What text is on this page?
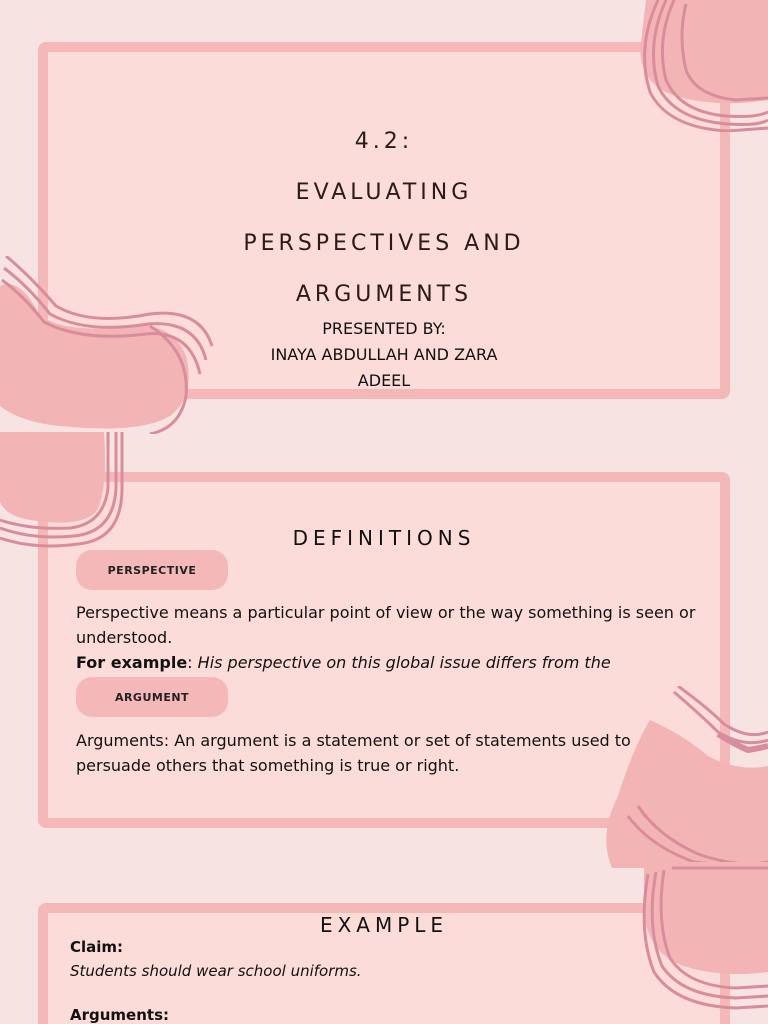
4.2:
EVALUATING
PERSPECTIVES AND
ARGUMENTS
PRESENTED BY:
INAYA ABDULLAH AND ZARA
ADEEL
DEFINITIONS
PERSPECTIVE
Perspective means a particular point of view or the way something is seen or understood.
For example: His perspective on this global issue differs from the
ARGUMENT
Arguments: An argument is a statement or set of statements used to persuade others that something is true or right.
EXAMPLE
Claim:
Students should wear school uniforms.
Arguments:
